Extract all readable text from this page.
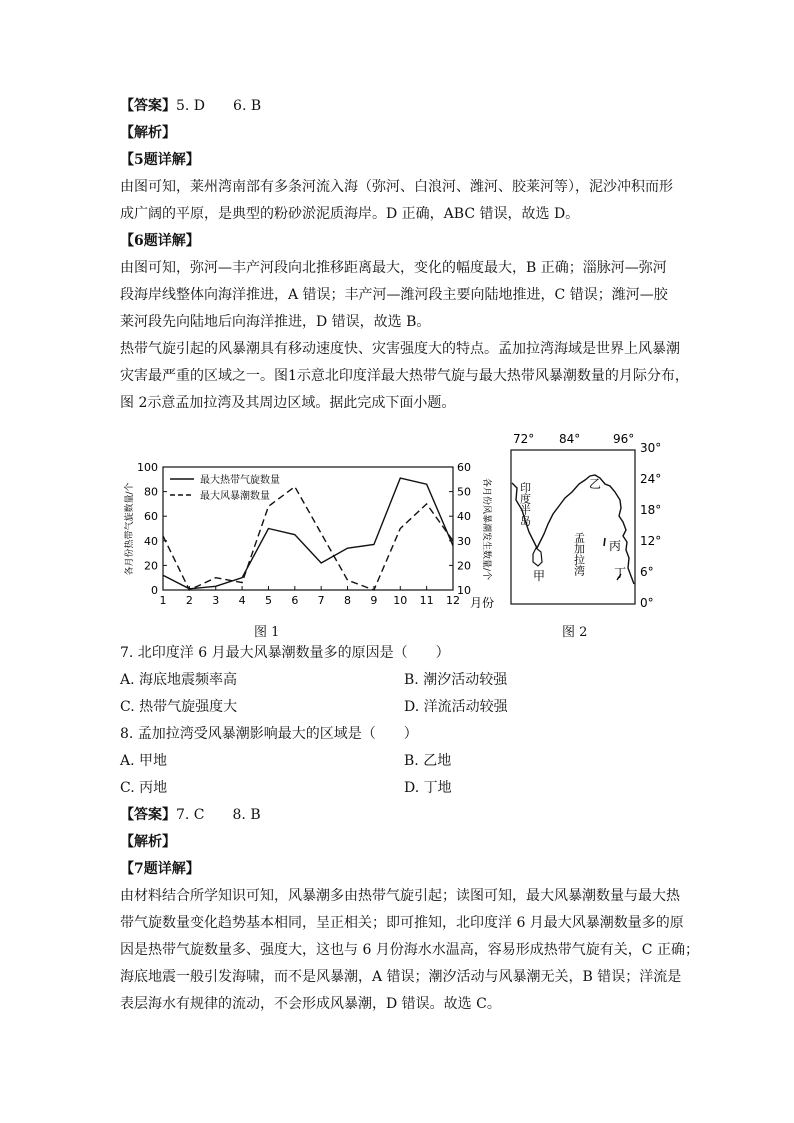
【答案】5. D　　6. B
【解析】
【5题详解】
由图可知，莱州湾南部有多条河流入海（弥河、白浪河、潍河、胶莱河等），泥沙冲积而形
成广阔的平原，是典型的粉砂淤泥质海岸。D 正确，ABC 错误，故选 D。
【6题详解】
由图可知，弥河—丰产河段向北推移距离最大，变化的幅度最大，B 正确；淄脉河—弥河
段海岸线整体向海洋推进，A 错误；丰产河—潍河段主要向陆地推进，C 错误；潍河—胶
莱河段先向陆地后向海洋推进，D 错误，故选 B。
热带气旋引起的风暴潮具有移动速度快、灾害强度大的特点。孟加拉湾海域是世界上风暴潮
灾害最严重的区域之一。图1示意北印度洋最大热带气旋与最大热带风暴潮数量的月际分布，
图 2示意孟加拉湾及其周边区域。据此完成下面小题。
0
20
40
60
80
100
10
20
30
40
50
60
1 2 3 4 5 6 7 8 9 10 11 12
最大热带气旋数量
最大风暴潮数量
各月份热带气旋数量/个	各月份风暴潮发生数量/个
月份
图 1
72° 84°	96°
30°
24°
18°
12°
6°
0°
印度半岛
孟加拉湾
乙
丙
丁
甲
图 2
7. 北印度洋 6 月最大风暴潮数量多的原因是（　　）
A. 海底地震频率高	B. 潮汐活动较强
C. 热带气旋强度大	D. 洋流活动较强
8. 孟加拉湾受风暴潮影响最大的区域是（　　）
A. 甲地	B. 乙地
C. 丙地	D. 丁地
【答案】7. C　　8. B
【解析】
【7题详解】
由材料结合所学知识可知，风暴潮多由热带气旋引起；读图可知，最大风暴潮数量与最大热
带气旋数量变化趋势基本相同，呈正相关；即可推知，北印度洋 6 月最大风暴潮数量多的原
因是热带气旋数量多、强度大，这也与 6 月份海水水温高，容易形成热带气旋有关，C 正确；
海底地震一般引发海啸，而不是风暴潮，A 错误；潮汐活动与风暴潮无关，B 错误；洋流是
表层海水有规律的流动，不会形成风暴潮，D 错误。故选 C。
